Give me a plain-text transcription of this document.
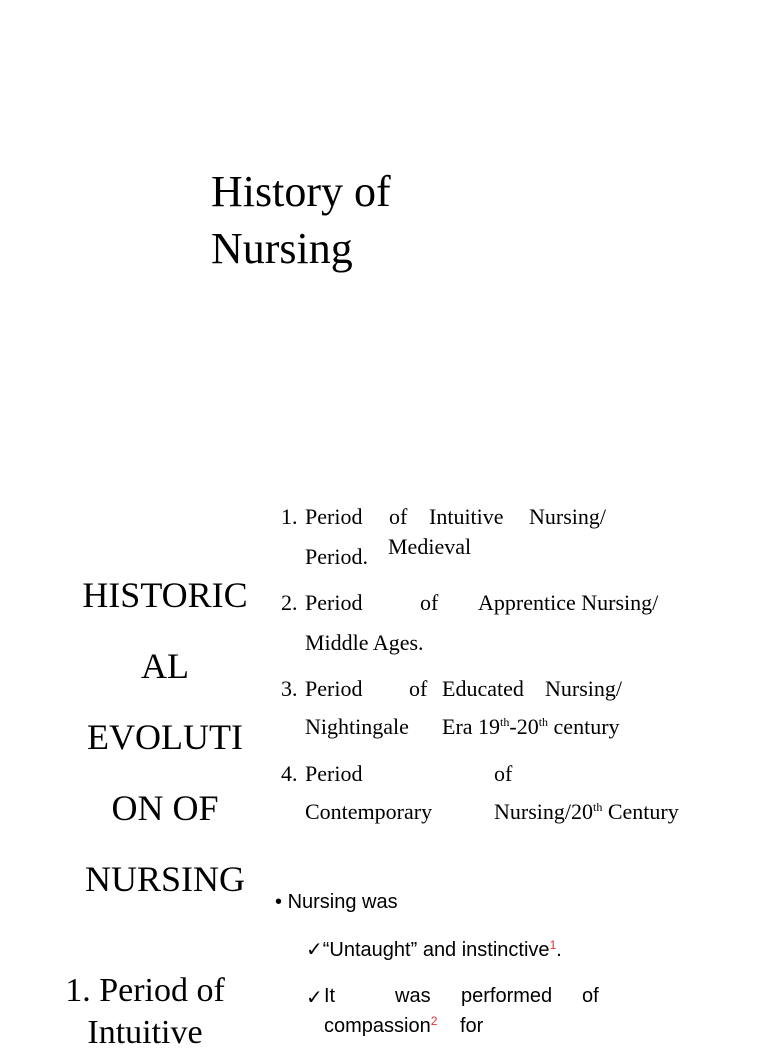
History of
Nursing
HISTORIC
AL
EVOLUTI
ON OF
NURSING
1. Period of Intuitive Nursing/
Period. Medieval
2. Period	of Apprentice Nursing/
Middle Ages.
3. Period of Educated Nursing/
Nightingale Era 19th-20th century
4. Period	of
Contemporary	Nursing/20th Century
• Nursing was
✓“Untaught” and instinctive$^1$.
✓ It	was performed of
compassion$^2$ for
1. Period of
Intuitive
